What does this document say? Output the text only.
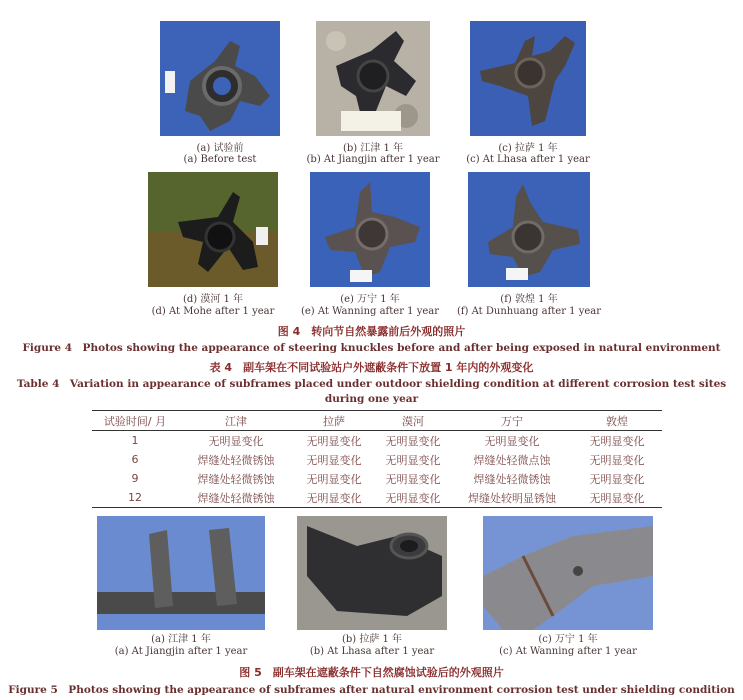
(a) 试验前
(a) Before test
(b) 江津 1 年
(b) At Jiangjin after 1 year
(c) 拉萨 1 年
(c) At Lhasa after 1 year
(d) 漠河 1 年
(d) At Mohe after 1 year
(e) 万宁 1 年
(e) At Wanning after 1 year
(f) 敦煌 1 年
(f) At Dunhuang after 1 year
图 4　转向节自然暴露前后外观的照片
Figure 4　Photos showing the appearance of steering knuckles before and after being exposed in natural environment
表 4　副车架在不同试验站户外遮蔽条件下放置 1 年内的外观变化
Table 4　Variation in appearance of subframes placed under outdoor shielding condition at different corrosion test sites
during one year
试验时间/ 月	江津	拉萨	漠河	万宁	敦煌
1	无明显变化	无明显变化	无明显变化	无明显变化	无明显变化
6	焊缝处轻微锈蚀	无明显变化	无明显变化	焊缝处轻微点蚀	无明显变化
9	焊缝处轻微锈蚀	无明显变化	无明显变化	焊缝处轻微锈蚀	无明显变化
12	焊缝处轻微锈蚀	无明显变化	无明显变化	焊缝处较明显锈蚀	无明显变化
(a) 江津 1 年
(a) At Jiangjin after 1 year
(b) 拉萨 1 年
(b) At Lhasa after 1 year
(c) 万宁 1 年
(c) At Wanning after 1 year
图 5　副车架在遮蔽条件下自然腐蚀试验后的外观照片
Figure 5　Photos showing the appearance of subframes after natural environment corrosion test under shielding condition
